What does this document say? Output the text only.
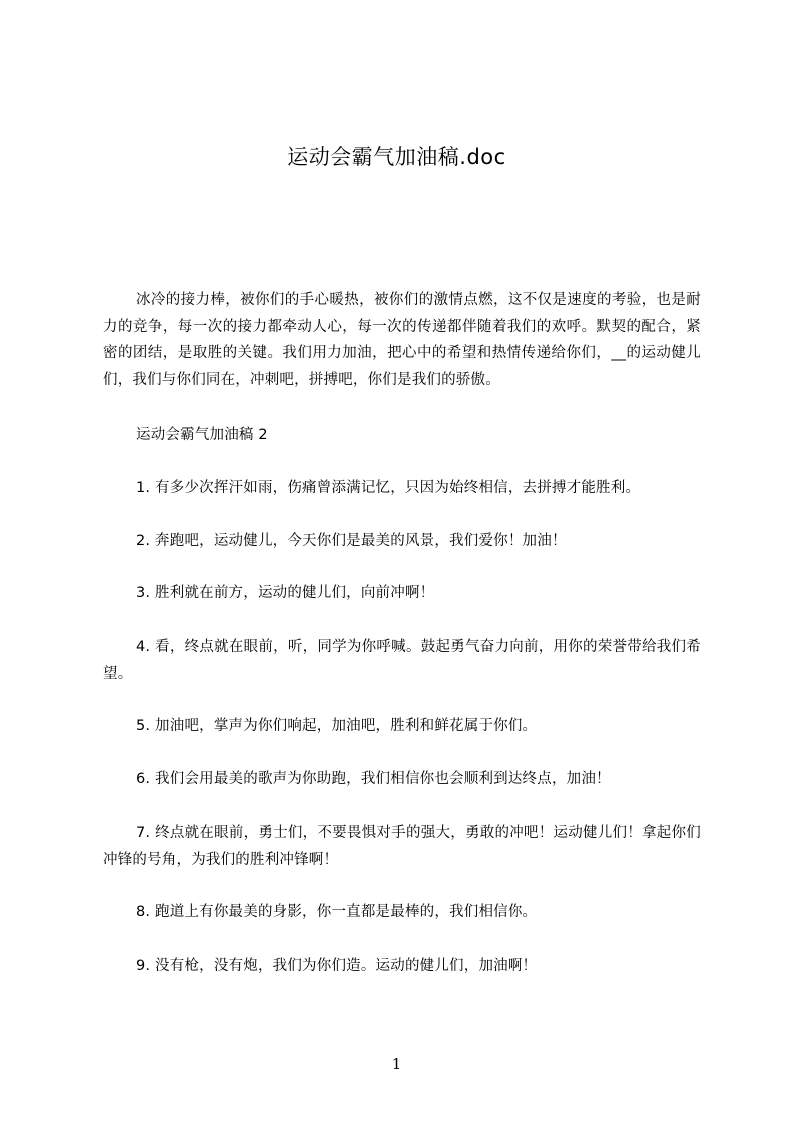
运动会霸气加油稿.doc
冰冷的接力棒，被你们的手心暖热，被你们的激情点燃，这不仅是速度的考验，也是耐力的竞争，每一次的接力都牵动人心，每一次的传递都伴随着我们的欢呼。默契的配合，紧密的团结，是取胜的关键。我们用力加油，把心中的希望和热情传递给你们，__的运动健儿们，我们与你们同在，冲刺吧，拼搏吧，你们是我们的骄傲。
运动会霸气加油稿 2
1. 有多少次挥汗如雨，伤痛曾添满记忆，只因为始终相信，去拼搏才能胜利。
2. 奔跑吧，运动健儿，今天你们是最美的风景，我们爱你！加油！
3. 胜利就在前方，运动的健儿们，向前冲啊！
4. 看，终点就在眼前，听，同学为你呼喊。鼓起勇气奋力向前，用你的荣誉带给我们希望。
5. 加油吧，掌声为你们响起，加油吧，胜利和鲜花属于你们。
6. 我们会用最美的歌声为你助跑，我们相信你也会顺利到达终点，加油！
7. 终点就在眼前，勇士们，不要畏惧对手的强大，勇敢的冲吧！运动健儿们！拿起你们冲锋的号角，为我们的胜利冲锋啊！
8. 跑道上有你最美的身影，你一直都是最棒的，我们相信你。
9. 没有枪，没有炮，我们为你们造。运动的健儿们，加油啊！
1
